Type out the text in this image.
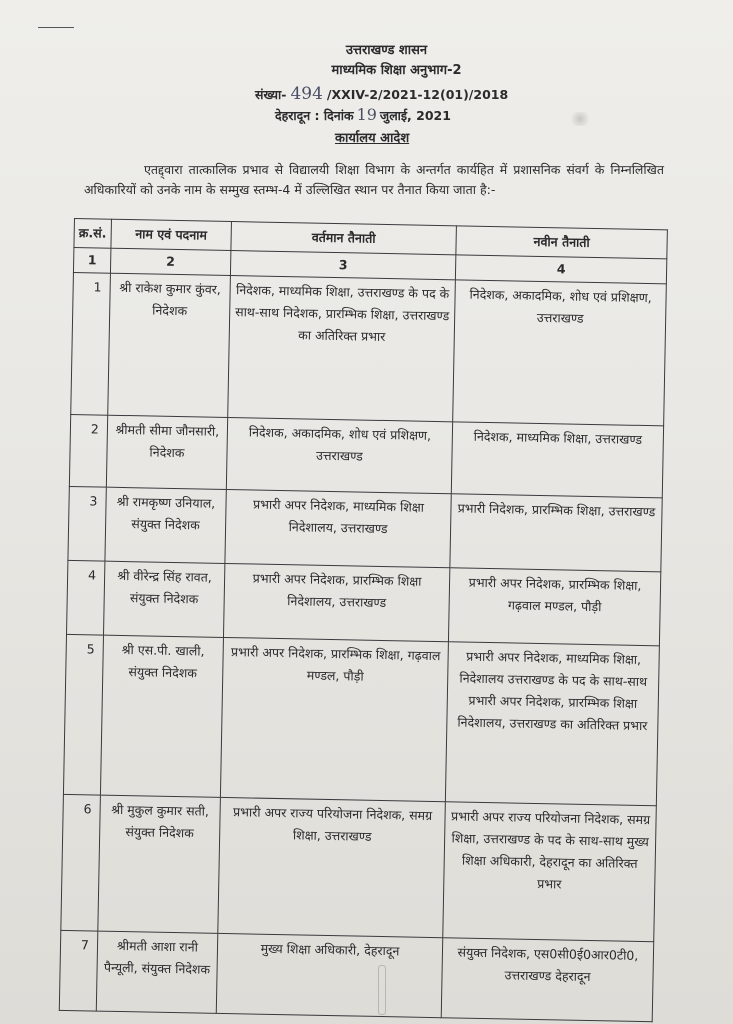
उत्तराखण्ड शासन
माध्यमिक शिक्षा अनुभाग-2
संख्या- 494 /XXIV-2/2021-12(01)/2018
देहरादून : दिनांक 19 जुलाई, 2021
कार्यालय आदेश
एतद्द्वारा तात्कालिक प्रभाव से विद्यालयी शिक्षा विभाग के अन्तर्गत कार्यहित में प्रशासनिक संवर्ग के निम्नलिखित अधिकारियों को उनके नाम के सम्मुख स्तम्भ-4 में उल्लिखित स्थान पर तैनात किया जाता है:-
क्र.सं.	नाम एवं पदनाम	वर्तमान तैनाती	नवीन तैनाती
1	2	3	4
1	श्री राकेश कुमार कुंवर, निदेशक	निदेशक, माध्यमिक शिक्षा, उत्तराखण्ड के पद के साथ-साथ निदेशक, प्रारम्भिक शिक्षा, उत्तराखण्ड का अतिरिक्त प्रभार	निदेशक, अकादमिक, शोध एवं प्रशिक्षण, उत्तराखण्ड
2	श्रीमती सीमा जौनसारी, निदेशक	निदेशक, अकादमिक, शोध एवं प्रशिक्षण, उत्तराखण्ड	निदेशक, माध्यमिक शिक्षा, उत्तराखण्ड
3	श्री रामकृष्ण उनियाल, संयुक्त निदेशक	प्रभारी अपर निदेशक, माध्यमिक शिक्षा निदेशालय, उत्तराखण्ड	प्रभारी निदेशक, प्रारम्भिक शिक्षा, उत्तराखण्ड
4	श्री वीरेन्द्र सिंह रावत, संयुक्त निदेशक	प्रभारी अपर निदेशक, प्रारम्भिक शिक्षा निदेशालय, उत्तराखण्ड	प्रभारी अपर निदेशक, प्रारम्भिक शिक्षा, गढ़वाल मण्डल, पौड़ी
5	श्री एस.पी. खाली, संयुक्त निदेशक	प्रभारी अपर निदेशक, प्रारम्भिक शिक्षा, गढ़वाल मण्डल, पौड़ी	प्रभारी अपर निदेशक, माध्यमिक शिक्षा, निदेशालय उत्तराखण्ड के पद के साथ-साथ प्रभारी अपर निदेशक, प्रारम्भिक शिक्षा निदेशालय, उत्तराखण्ड का अतिरिक्त प्रभार
6	श्री मुकुल कुमार सती, संयुक्त निदेशक	प्रभारी अपर राज्य परियोजना निदेशक, समग्र शिक्षा, उत्तराखण्ड	प्रभारी अपर राज्य परियोजना निदेशक, समग्र शिक्षा, उत्तराखण्ड के पद के साथ-साथ मुख्य शिक्षा अधिकारी, देहरादून का अतिरिक्त प्रभार
7	श्रीमती आशा रानी पैन्यूली, संयुक्त निदेशक	मुख्य शिक्षा अधिकारी, देहरादून	संयुक्त निदेशक, एस0सी0ई0आर0टी0, उत्तराखण्ड देहरादून
